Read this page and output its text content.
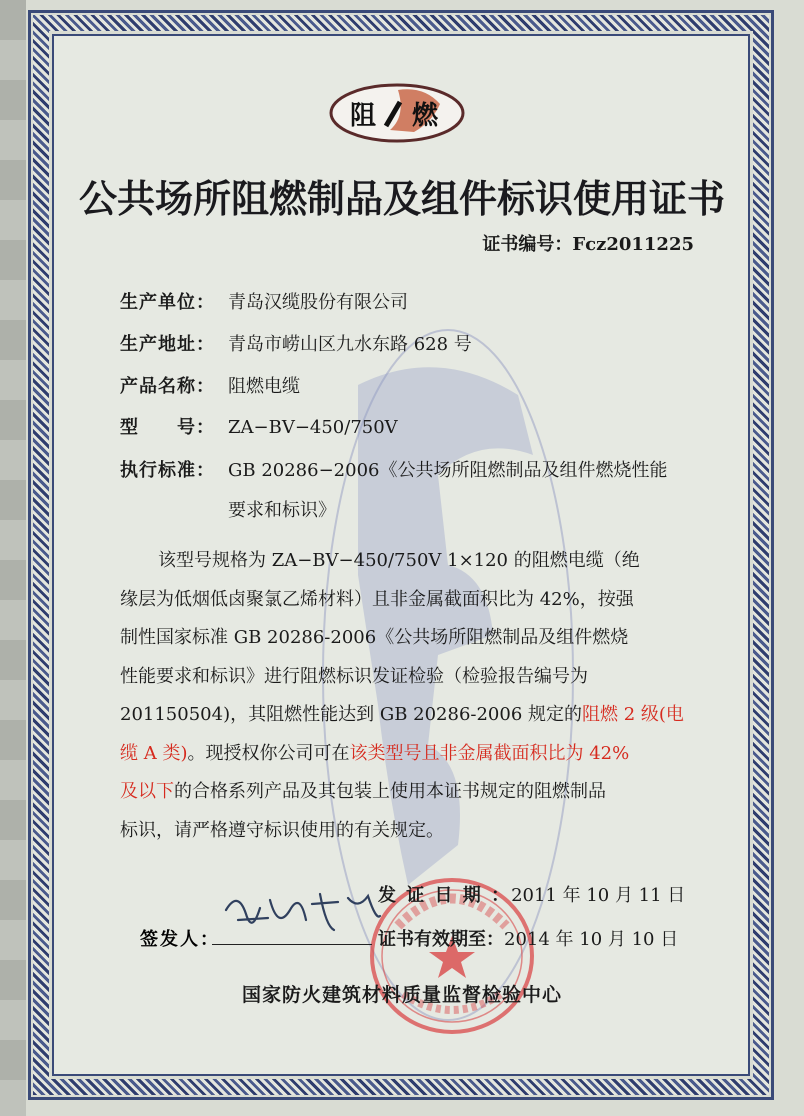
阻 燃
公共场所阻燃制品及组件标识使用证书
证书编号：Fcz2011225
生产单位： 青岛汉缆股份有限公司
生产地址： 青岛市崂山区九水东路 628 号
产品名称： 阻燃电缆
型　　号： ZA−BV−450/750V
执行标准： GB 20286−2006《公共场所阻燃制品及组件燃烧性能
要求和标识》

该型号规格为 ZA−BV−450/750V 1×120 的阻燃电缆（绝

缘层为低烟低卤聚氯乙烯材料）且非金属截面积比为 42%，按强

制性国家标准 GB 20286-2006《公共场所阻燃制品及组件燃烧

性能要求和标识》进行阻燃标识发证检验（检验报告编号为

201150504)，其阻燃性能达到 GB 20286-2006 规定的阻燃 2 级(电

缆 A 类)。现授权你公司可在该类型号且非金属截面积比为 42%

及以下的合格系列产品及其包装上使用本证书规定的阻燃制品

标识，请严格遵守标识使用的有关规定。

发 证 日 期 ：2011 年 10 月 11 日
证书有效期至：2014 年 10 月 10 日
签发人：
国家防火建筑材料质量监督检验中心
